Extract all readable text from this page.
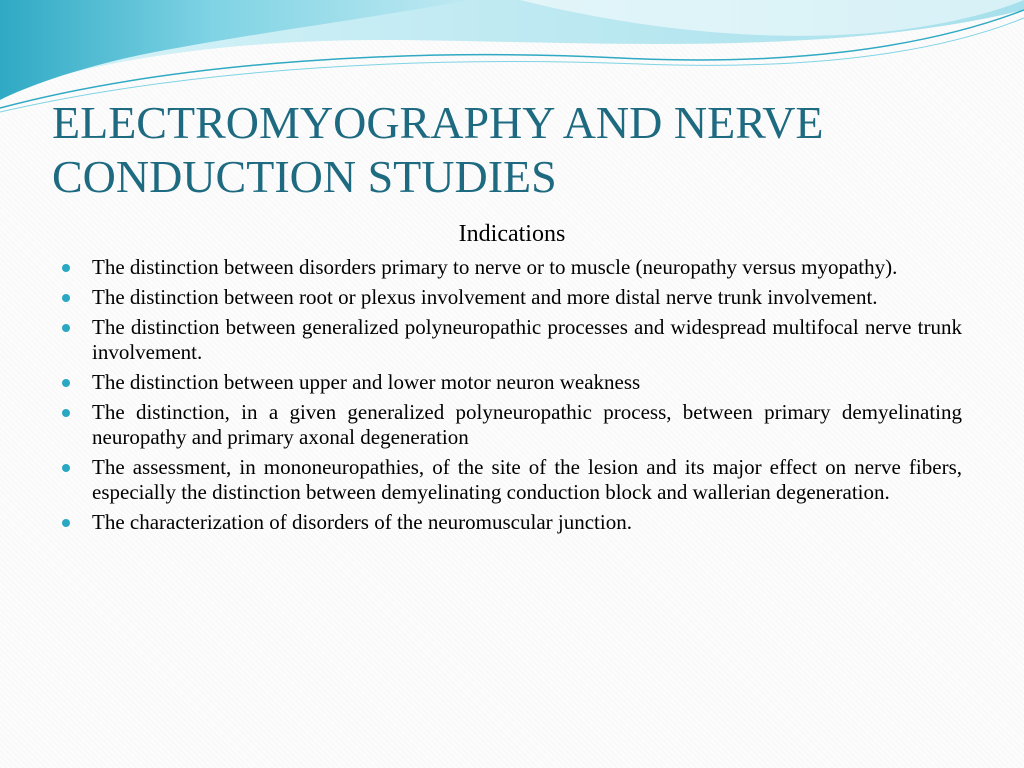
ELECTROMYOGRAPHY AND NERVE
CONDUCTION STUDIES
Indications
The distinction between disorders primary to nerve or to muscle (neuropathy versus myopathy).
The distinction between root or plexus involvement and more distal nerve trunk involvement.
The distinction between generalized polyneuropathic processes and widespread multifocal nerve trunk involvement.
The distinction between upper and lower motor neuron weakness
The distinction, in a given generalized polyneuropathic process, between primary demyelinating neuropathy and primary axonal degeneration
The assessment, in mononeuropathies, of the site of the lesion and its major effect on nerve fibers, especially the distinction between demyelinating conduction block and wallerian degeneration.
The characterization of disorders of the neuromuscular junction.
